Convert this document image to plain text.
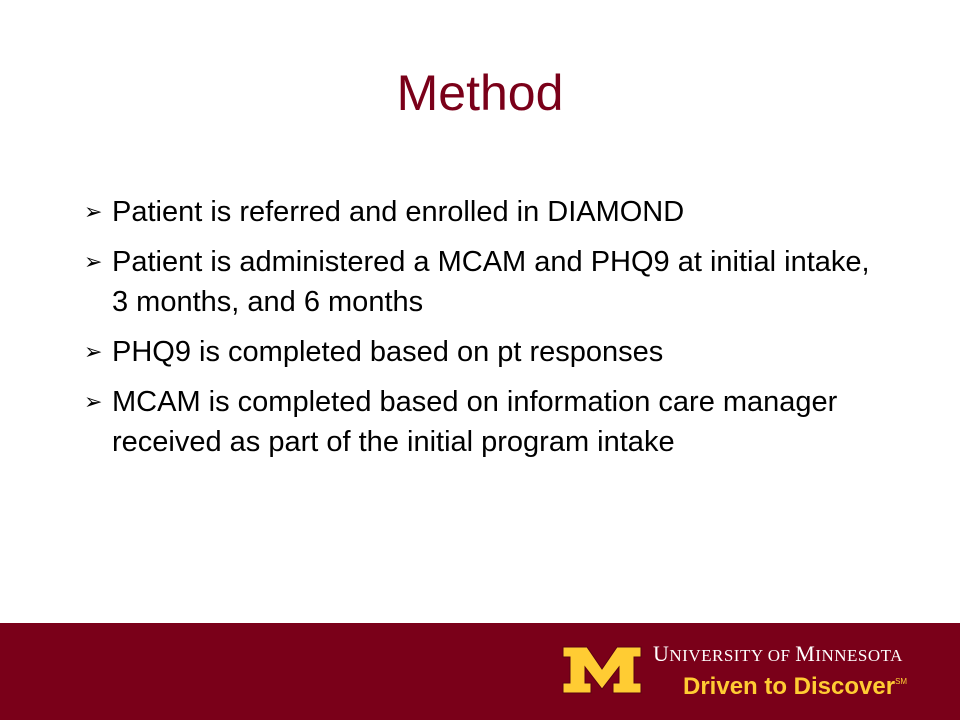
Method
➢ Patient is referred and enrolled in DIAMOND
➢ Patient is administered a MCAM and PHQ9 at initial intake, 3 months, and 6 months
➢ PHQ9 is completed based on pt responses
➢ MCAM is completed based on information care manager received as part of the initial program intake
UNIVERSITY OF MINNESOTA
Driven to Discover℠
